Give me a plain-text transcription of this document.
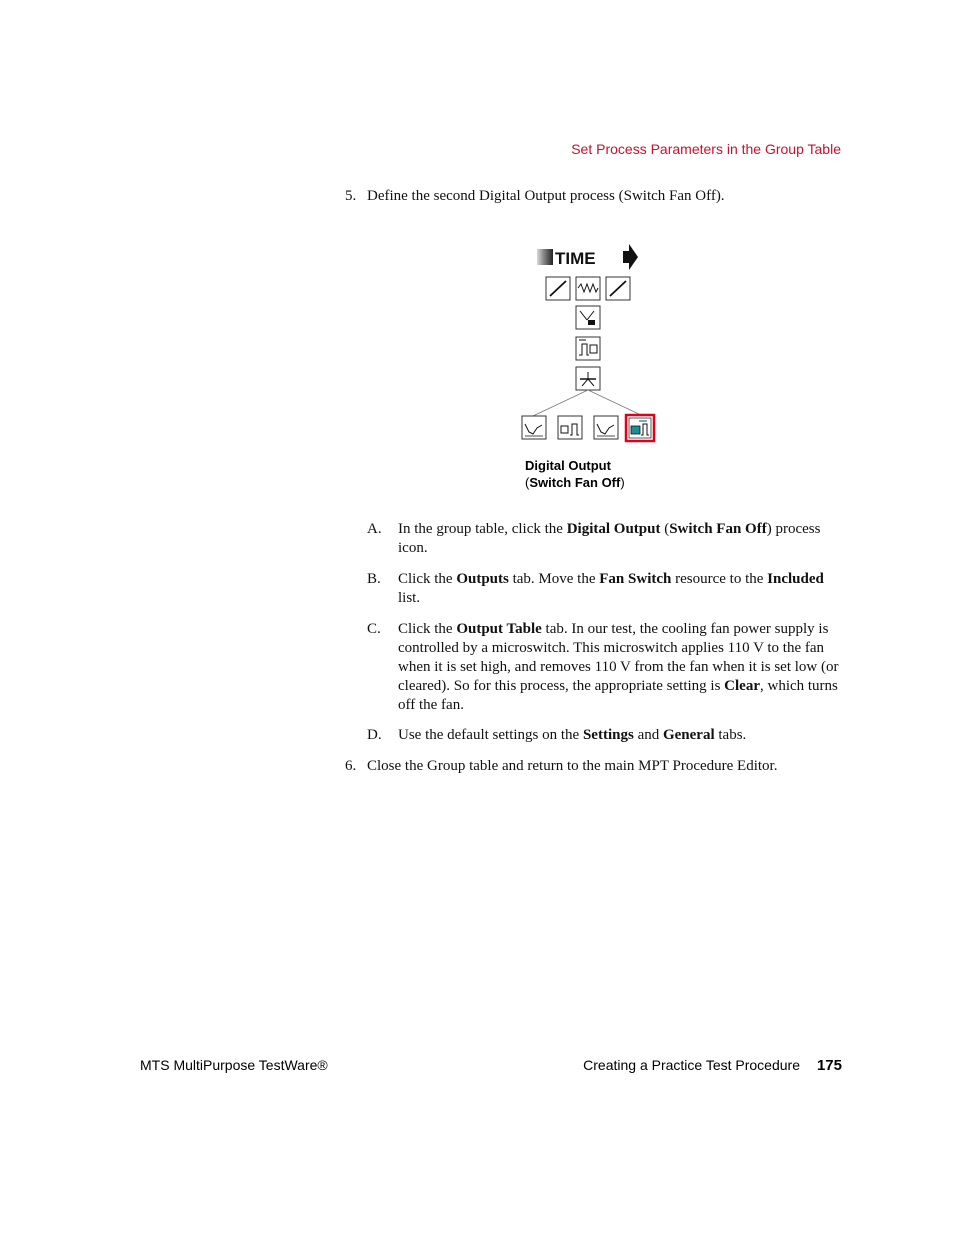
Set Process Parameters in the Group Table
5. Define the second Digital Output process (Switch Fan Off).
TIME
Digital Output
(Switch Fan Off)
A. In the group table, click the Digital Output (Switch Fan Off) process icon.
B. Click the Outputs tab. Move the Fan Switch resource to the Included list.
C. Click the Output Table tab. In our test, the cooling fan power supply is controlled by a microswitch. This microswitch applies 110 V to the fan when it is set high, and removes 110 V from the fan when it is set low (or cleared). So for this process, the appropriate setting is Clear, which turns off the fan.
D. Use the default settings on the Settings and General tabs.
6. Close the Group table and return to the main MPT Procedure Editor.
MTS MultiPurpose TestWare®	Creating a Practice Test Procedure 175
